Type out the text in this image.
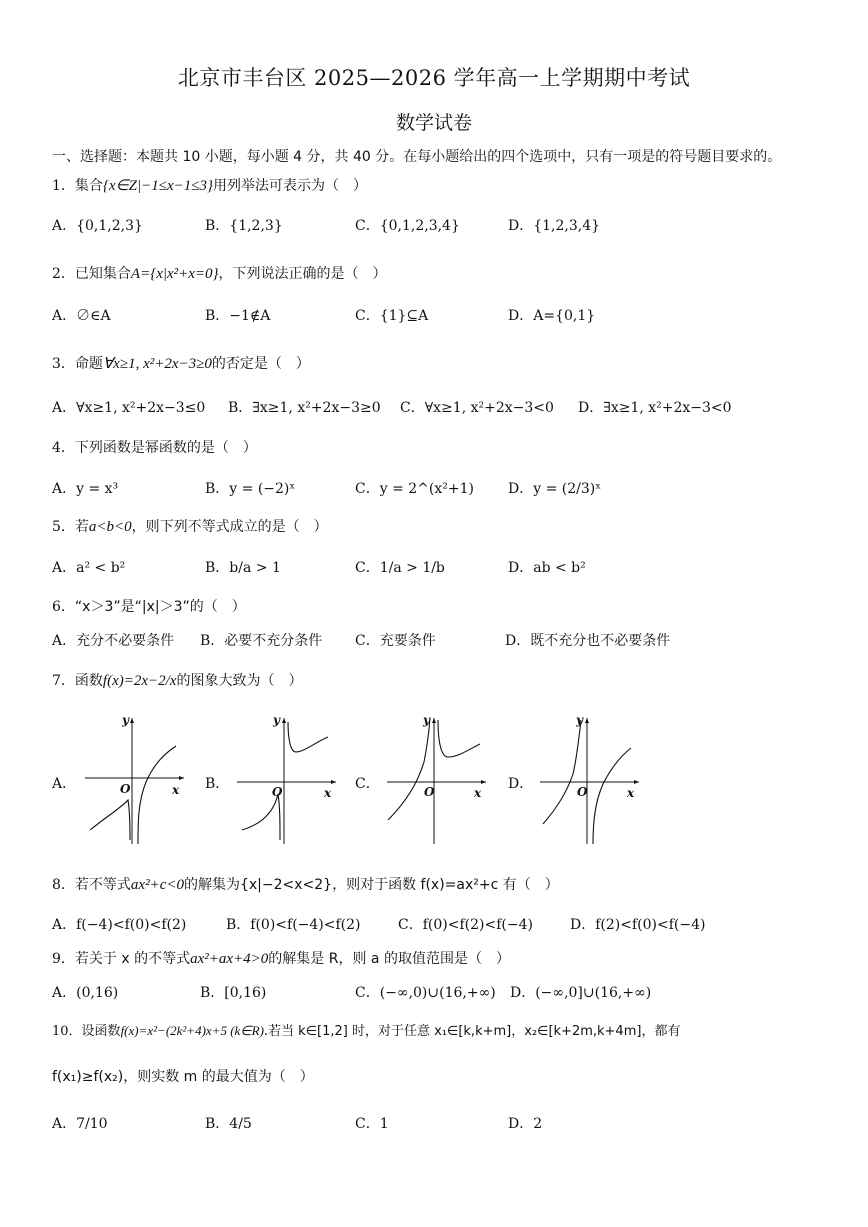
北京市丰台区 2025—2026 学年高一上学期期中考试
数学试卷
一、选择题：本题共 10 小题，每小题 4 分，共 40 分。在每小题给出的四个选项中，只有一项是的符号题目要求的。
1．集合{x∈Z|−1≤x−1≤3}用列举法可表示为（　）
A．{0,1,2,3}	B．{1,2,3}	C．{0,1,2,3,4}	D．{1,2,3,4}
2．已知集合A={x|x²+x=0}，下列说法正确的是（　）
A．∅∈A	B．−1∉A	C．{1}⊆A	D．A={0,1}
3．命题∀x≥1, x²+2x−3≥0的否定是（　）
A．∀x≥1, x²+2x−3≤0 B．∃x≥1, x²+2x−3≥0 C．∀x≥1, x²+2x−3<0 D．∃x≥1, x²+2x−3<0
4．下列函数是幂函数的是（　）
A．y = x³	B．y = (−2)ˣ	C．y = 2^(x²+1) D．y = (2/3)ˣ
5．若a<b<0，则下列不等式成立的是（　）
A．a² < b²	B．b/a > 1	C．1/a > 1/b	D．ab < b²
6．“x＞3”是“|x|＞3”的（　）
A．充分不必要条件 B．必要不充分条件 C．充要条件	D．既不充分也不必要条件
7．函数f(x)=2x−2/x的图象大致为（　）
A．	B．	C．	D．
y
O	x
y
O	x
y
O	x
y
O	x
8．若不等式ax²+c<0的解集为{x|−2<x<2}，则对于函数 f(x)=ax²+c 有（　）
A．f(−4)<f(0)<f(2)	B．f(0)<f(−4)<f(2)	C．f(0)<f(2)<f(−4)	D．f(2)<f(0)<f(−4)
9．若关于 x 的不等式ax²+ax+4>0的解集是 R，则 a 的取值范围是（　）
A．(0,16)	B．[0,16)	C．(−∞,0)∪(16,+∞) D．(−∞,0]∪(16,+∞)
10．设函数f(x)=x²−(2k²+4)x+5 (k∈R).若当 k∈[1,2] 时，对于任意 x₁∈[k,k+m]，x₂∈[k+2m,k+4m]，都有
f(x₁)≥f(x₂)，则实数 m 的最大值为（　）
A．7/10	B．4/5	C．1	D．2
